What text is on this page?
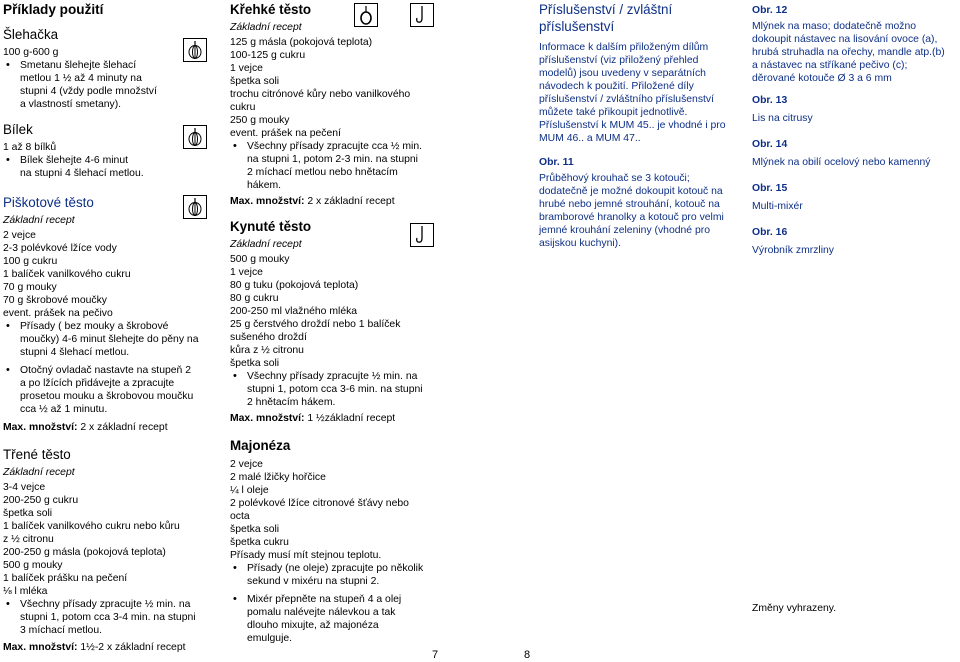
Příklady použití

Šlehačka

100 g-600 g

• Smetanu šlehejte šlehací
metlou 1 ½ až 4 minuty na
stupni 4 (vždy podle množství
a vlastností smetany).

Bílek

1 až 8 bílků

• Bílek šlehejte 4-6 minut
na stupni 4 šlehací metlou.

Piškotové těsto

Základní recept

2 vejce
2-3 polévkové lžíce vody
100 g cukru
1 balíček vanilkového cukru
70 g mouky
70 g škrobové moučky
event. prášek na pečivo

• Přísady ( bez mouky a škrobové
moučky) 4-6 minut šlehejte do pěny na
stupni 4 šlehací metlou.
• Otočný ovladač nastavte na stupeň 2
a po lžících přidávejte a zpracujte
prosetou mouku a škrobovou moučku
cca ½ až 1 minutu.

Max. množství: 2 x základní recept

Třené těsto

Základní recept

3-4 vejce
200-250 g cukru
špetka soli
1 balíček vanilkového cukru nebo kůru
z ½ citronu
200-250 g másla (pokojová teplota)
500 g mouky
1 balíček prášku na pečení
⅛ l mléka

• Všechny přísady zpracujte ½ min. na
stupni 1, potom cca 3-4 min. na stupni
3 míchací metlou.

Max. množství: 1½-2 x základní recept

Křehké těsto

Základní recept

125 g másla (pokojová teplota)
100-125 g cukru
1 vejce
špetka soli
trochu citrónové kůry nebo vanilkového
cukru
250 g mouky
event. prášek na pečení

• Všechny přísady zpracujte cca ½ min.
na stupni 1, potom 2-3 min. na stupni
2 míchací metlou nebo hnětacím
hákem.

Max. množství: 2 x základní recept

Kynuté těsto

Základní recept

500 g mouky
1 vejce
80 g tuku (pokojová teplota)
80 g cukru
200-250 ml vlažného mléka
25 g čerstvého droždí nebo 1 balíček
sušeného droždí
kůra z ½ citronu
špetka soli

• Všechny přísady zpracujte ½ min. na
stupni 1, potom cca 3-6 min. na stupni
2 hnětacím hákem.

Max. množství: 1 ½základní recept

Majonéza

2 vejce
2 malé lžičky hořčice
¼ l oleje
2 polévkové lžíce citronové šťávy nebo
octa
špetka soli
špetka cukru
Přísady musí mít stejnou teplotu.

• Přísady (ne oleje) zpracujte po několik
sekund v mixéru na stupni 2.
• Mixér přepněte na stupeň 4 a olej
pomalu nalévejte nálevkou a tak
dlouho mixujte, až majonéza
emulguje.

Příslušenství / zvláštní
příslušenství

Informace k dalším přiloženým dílům
příslušenství (viz přiložený přehled
modelů) jsou uvedeny v separátních
návodech k použití. Přiložené díly
příslušenství / zvláštního příslušenství
můžete také přikoupit jednotlivě.
Příslušenství k MUM 45.. je vhodné i pro
MUM 46.. a MUM 47..

Obr. 11

Průběhový krouhač se 3 kotouči;
dodatečně je možné dokoupit kotouč na
hrubé nebo jemné strouhání, kotouč na
bramborové hranolky a kotouč pro velmi
jemné krouhání zeleniny (vhodné pro
asijskou kuchyni).

Obr. 12

Mlýnek na maso; dodatečně možno
dokoupit nástavec na lisování ovoce (a),
hrubá struhadla na ořechy, mandle atp.(b)
a nástavec na stříkané pečivo (c);
děrované kotouče Ø 3 a 6 mm

Obr. 13

Lis na citrusy

Obr. 14

Mlýnek na obilí ocelový nebo kamenný

Obr. 15

Multi-mixér

Obr. 16

Výrobník zmrzliny

Změny vyhrazeny.

7	8
